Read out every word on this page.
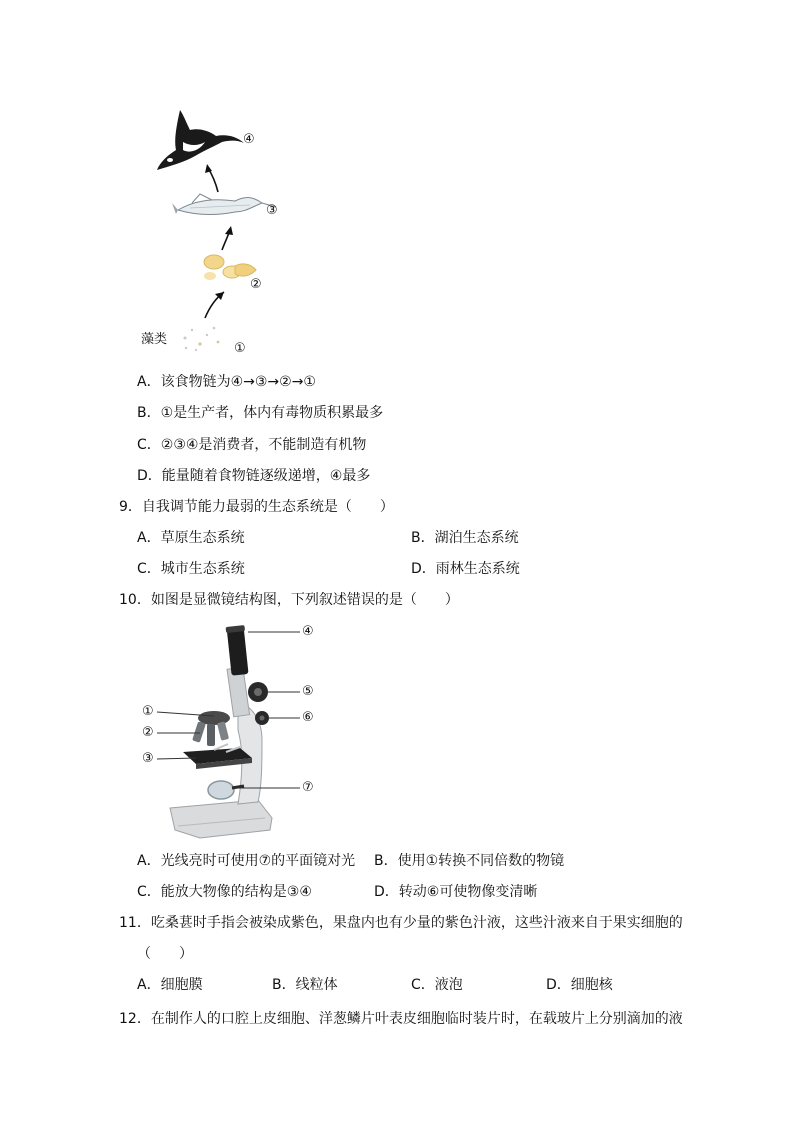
④
③
②
藻类
①
A．该食物链为④→③→②→①
B．①是生产者，体内有毒物质积累最多
C．②③④是消费者，不能制造有机物
D．能量随着食物链逐级递增，④最多
9．自我调节能力最弱的生态系统是（　　）
A．草原生态系统	B．湖泊生态系统
C．城市生态系统	D．雨林生态系统
10．如图是显微镜结构图，下列叙述错误的是（　　）
④
⑤
⑥
①
②
③
⑦
A．光线亮时可使用⑦的平面镜对光 B．使用①转换不同倍数的物镜
C．能放大物像的结构是③④	D．转动⑥可使物像变清晰
11．吃桑葚时手指会被染成紫色，果盘内也有少量的紫色汁液，这些汁液来自于果实细胞的
（　　）
A．细胞膜	B．线粒体	C．液泡	D．细胞核
12．在制作人的口腔上皮细胞、洋葱鳞片叶表皮细胞临时装片时，在载玻片上分别滴加的液
